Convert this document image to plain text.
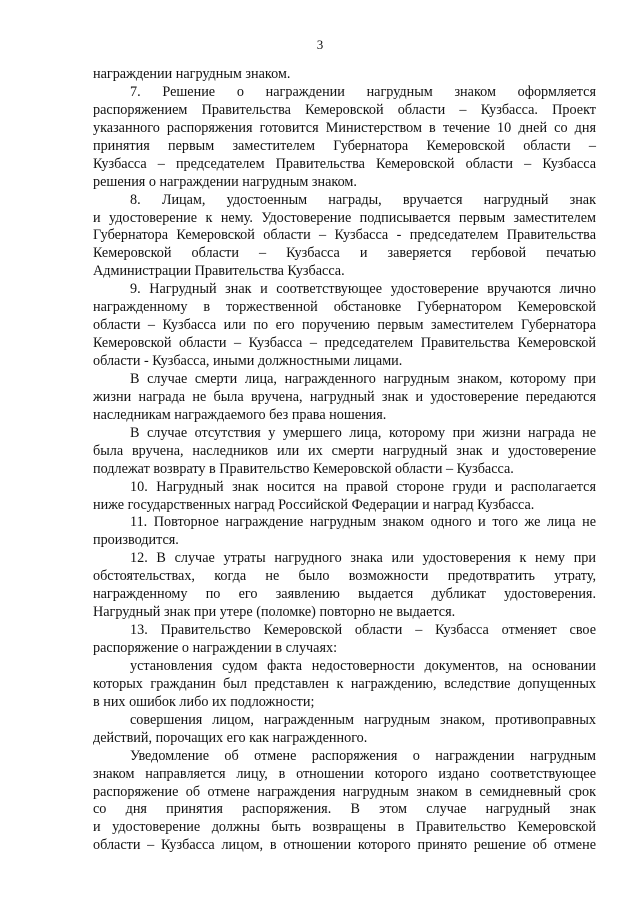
3
награждении нагрудным знаком.
7. Решение о награждении нагрудным знаком оформляется
распоряжением Правительства Кемеровской области – Кузбасса. Проект
указанного распоряжения готовится Министерством в течение 10 дней со дня
принятия первым заместителем Губернатора Кемеровской области –
Кузбасса – председателем Правительства Кемеровской области – Кузбасса
решения о награждении нагрудным знаком.
8. Лицам, удостоенным награды, вручается нагрудный знак
и удостоверение к нему. Удостоверение подписывается первым заместителем
Губернатора Кемеровской области – Кузбасса - председателем Правительства
Кемеровской области – Кузбасса и заверяется гербовой печатью
Администрации Правительства Кузбасса.
9. Нагрудный знак и соответствующее удостоверение вручаются лично
награжденному в торжественной обстановке Губернатором Кемеровской
области – Кузбасса или по его поручению первым заместителем Губернатора
Кемеровской области – Кузбасса – председателем Правительства Кемеровской
области - Кузбасса, иными должностными лицами.
В случае смерти лица, награжденного нагрудным знаком, которому при
жизни награда не была вручена, нагрудный знак и удостоверение передаются
наследникам награждаемого без права ношения.
В случае отсутствия у умершего лица, которому при жизни награда не
была вручена, наследников или их смерти нагрудный знак и удостоверение
подлежат возврату в Правительство Кемеровской области – Кузбасса.
10. Нагрудный знак носится на правой стороне груди и располагается
ниже государственных наград Российской Федерации и наград Кузбасса.
11. Повторное награждение нагрудным знаком одного и того же лица не
производится.
12. В случае утраты нагрудного знака или удостоверения к нему при
обстоятельствах, когда не было возможности предотвратить утрату,
награжденному по его заявлению выдается дубликат удостоверения.
Нагрудный знак при утере (поломке) повторно не выдается.
13. Правительство Кемеровской области – Кузбасса отменяет свое
распоряжение о награждении в случаях:
установления судом факта недостоверности документов, на основании
которых гражданин был представлен к награждению, вследствие допущенных
в них ошибок либо их подложности;
совершения лицом, награжденным нагрудным знаком, противоправных
действий, порочащих его как награжденного.
Уведомление об отмене распоряжения о награждении нагрудным
знаком направляется лицу, в отношении которого издано соответствующее
распоряжение об отмене награждения нагрудным знаком в семидневный срок
со дня принятия распоряжения. В этом случае нагрудный знак
и удостоверение должны быть возвращены в Правительство Кемеровской
области – Кузбасса лицом, в отношении которого принято решение об отмене
